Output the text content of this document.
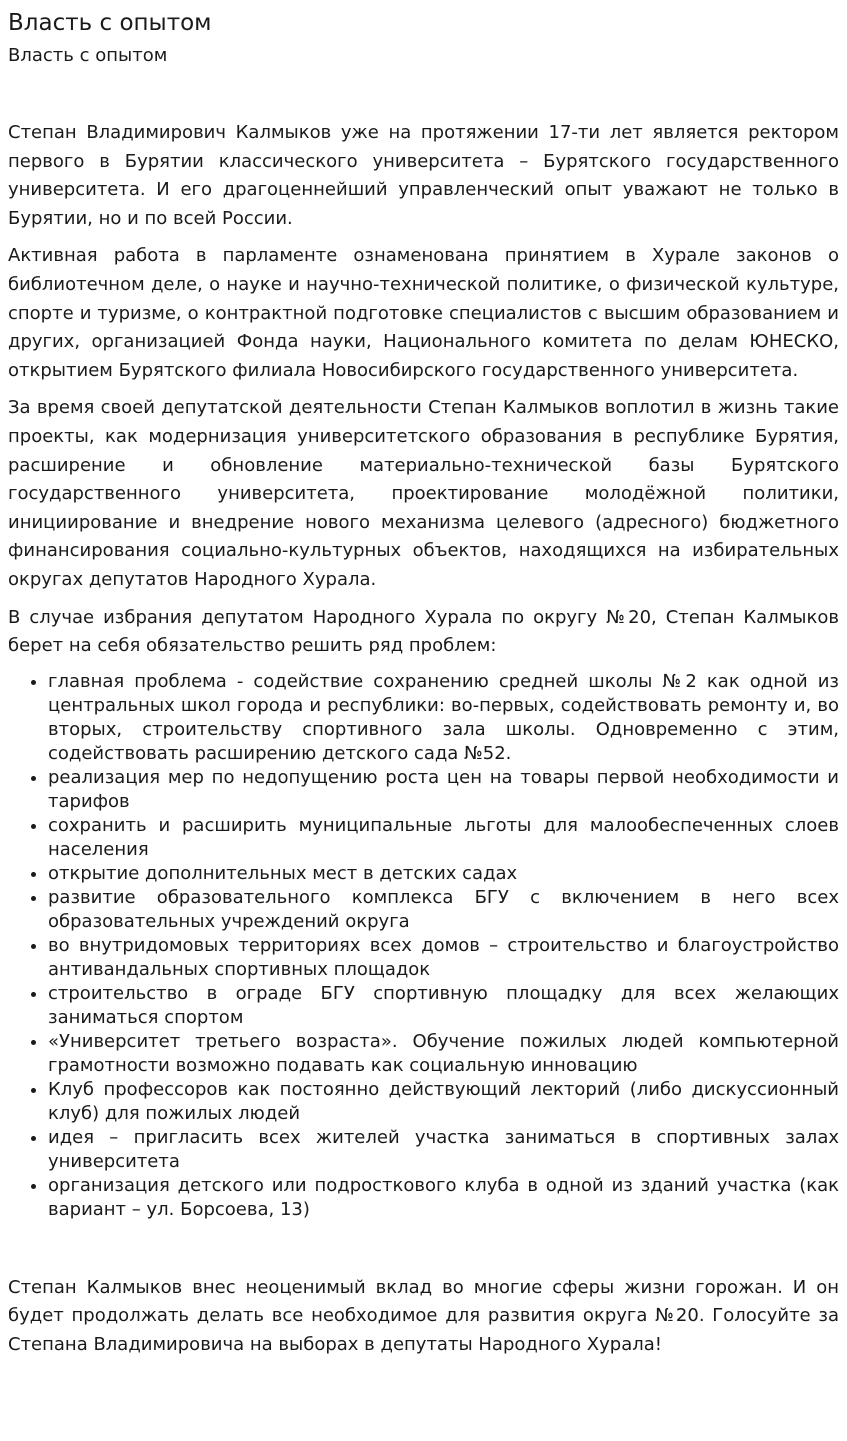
Власть с опытом
Власть с опытом

Степан Владимирович Калмыков уже на протяжении 17-ти лет является ректором первого в Бурятии классического университета – Бурятского государственного университета. И его драгоценнейший управленческий опыт уважают не только в Бурятии, но и по всей России.

Активная работа в парламенте ознаменована принятием в Хурале законов о библиотечном деле, о науке и научно-технической политике, о физической культуре, спорте и туризме, о контрактной подготовке специалистов с высшим образованием и других, организацией Фонда науки, Национального комитета по делам ЮНЕСКО, открытием Бурятского филиала Новосибирского государственного университета.

За время своей депутатской деятельности Степан Калмыков воплотил в жизнь такие проекты, как модернизация университетского образования в республике Бурятия, расширение и обновление материально-технической базы Бурятского государственного университета, проектирование молодёжной политики, инициирование и внедрение нового механизма целевого (адресного) бюджетного финансирования социально-культурных объектов, находящихся на избирательных округах депутатов Народного Хурала.

В случае избрания депутатом Народного Хурала по округу №20, Степан Калмыков берет на себя обязательство решить ряд проблем:

• главная проблема - содействие сохранению средней школы №2 как одной из центральных школ города и республики: во-первых, содействовать ремонту и, во вторых, строительству спортивного зала школы. Одновременно с этим, содействовать расширению детского сада №52.
• реализация мер по недопущению роста цен на товары первой необходимости и тарифов
• сохранить и расширить муниципальные льготы для малообеспеченных слоев населения
• открытие дополнительных мест в детских садах
• развитие образовательного комплекса БГУ с включением в него всех образовательных учреждений округа
• во внутридомовых территориях всех домов – строительство и благоустройство антивандальных спортивных площадок
• строительство в ограде БГУ спортивную площадку для всех желающих заниматься спортом
• «Университет третьего возраста». Обучение пожилых людей компьютерной грамотности возможно подавать как социальную инновацию
• Клуб профессоров как постоянно действующий лекторий (либо дискуссионный клуб) для пожилых людей
• идея – пригласить всех жителей участка заниматься в спортивных залах университета
• организация детского или подросткового клуба в одной из зданий участка (как вариант – ул. Борсоева, 13)

Степан Калмыков внес неоценимый вклад во многие сферы жизни горожан. И он будет продолжать делать все необходимое для развития округа №20. Голосуйте за Степана Владимировича на выборах в депутаты Народного Хурала!
